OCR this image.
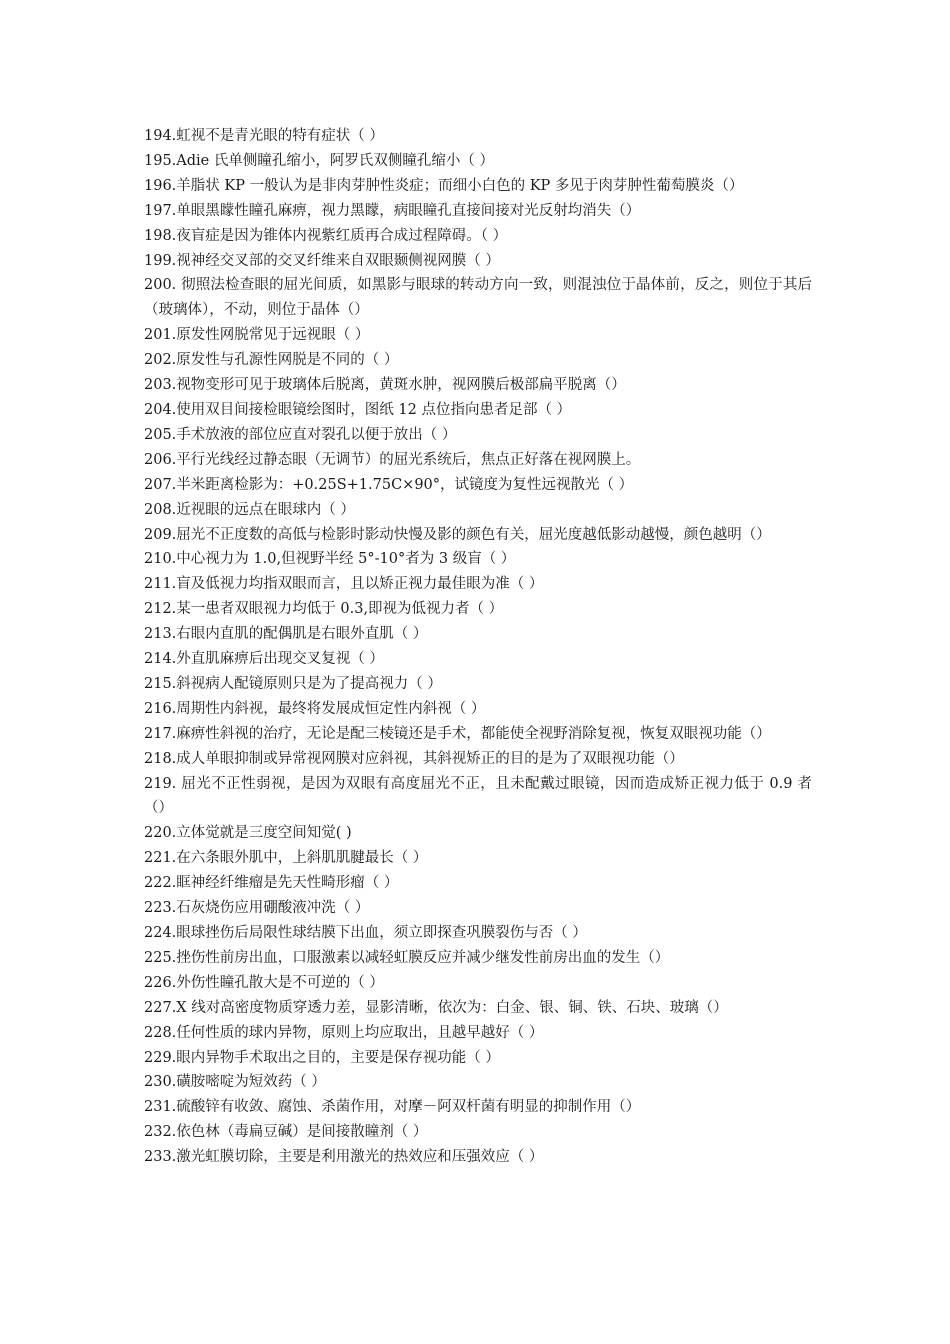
194.虹视不是青光眼的特有症状（ ）

195.Adie 氏单侧瞳孔缩小，阿罗氏双侧瞳孔缩小（ ）

196.羊脂状 KP 一般认为是非肉芽肿性炎症；而细小白色的 KP 多见于肉芽肿性葡萄膜炎（）

197.单眼黑矇性瞳孔麻痹，视力黑矇，病眼瞳孔直接间接对光反射均消失（）

198.夜盲症是因为锥体内视紫红质再合成过程障碍。（ ）

199.视神经交叉部的交叉纤维来自双眼颞侧视网膜（ ）

200. 彻照法检查眼的屈光间质，如黑影与眼球的转动方向一致，则混浊位于晶体前，反之，则位于其后（玻璃体），不动，则位于晶体（）

201.原发性网脱常见于远视眼（ ）

202.原发性与孔源性网脱是不同的（ ）

203.视物变形可见于玻璃体后脱离，黄斑水肿，视网膜后极部扁平脱离（）

204.使用双目间接检眼镜绘图时，图纸 12 点位指向患者足部（ ）

205.手术放液的部位应直对裂孔以便于放出（ ）

206.平行光线经过静态眼（无调节）的屈光系统后，焦点正好落在视网膜上。

207.半米距离检影为：+0.25S+1.75C×90°，试镜度为复性远视散光（ ）

208.近视眼的远点在眼球内（ ）

209.屈光不正度数的高低与检影时影动快慢及影的颜色有关，屈光度越低影动越慢，颜色越明（）

210.中心视力为 1.0,但视野半经 5°-10°者为 3 级盲（ ）

211.盲及低视力均指双眼而言，且以矫正视力最佳眼为准（ ）

212.某一患者双眼视力均低于 0.3,即视为低视力者（ ）

213.右眼内直肌的配偶肌是右眼外直肌（ ）

214.外直肌麻痹后出现交叉复视（ ）

215.斜视病人配镜原则只是为了提高视力（ ）

216.周期性内斜视，最终将发展成恒定性内斜视（ ）

217.麻痹性斜视的治疗，无论是配三棱镜还是手术，都能使全视野消除复视，恢复双眼视功能（）

218.成人单眼抑制或异常视网膜对应斜视，其斜视矫正的目的是为了双眼视功能（）

219. 屈光不正性弱视，是因为双眼有高度屈光不正，且未配戴过眼镜，因而造成矫正视力低于 0.9 者（）

220.立体觉就是三度空间知觉( )

221.在六条眼外肌中，上斜肌肌腱最长（ ）

222.眶神经纤维瘤是先天性畸形瘤（ ）

223.石灰烧伤应用硼酸液冲洗（ ）

224.眼球挫伤后局限性球结膜下出血，须立即探查巩膜裂伤与否（ ）

225.挫伤性前房出血，口服激素以减轻虹膜反应并减少继发性前房出血的发生（）

226.外伤性瞳孔散大是不可逆的（ ）

227.X 线对高密度物质穿透力差，显影清晰，依次为：白金、银、铜、铁、石块、玻璃（）

228.任何性质的球内异物，原则上均应取出，且越早越好（ ）

229.眼内异物手术取出之目的，主要是保存视功能（ ）

230.磺胺嘧啶为短效药（ ）

231.硫酸锌有收敛、腐蚀、杀菌作用，对摩－阿双杆菌有明显的抑制作用（）

232.依色林（毒扁豆碱）是间接散瞳剂（ ）

233.激光虹膜切除，主要是利用激光的热效应和压强效应（ ）
